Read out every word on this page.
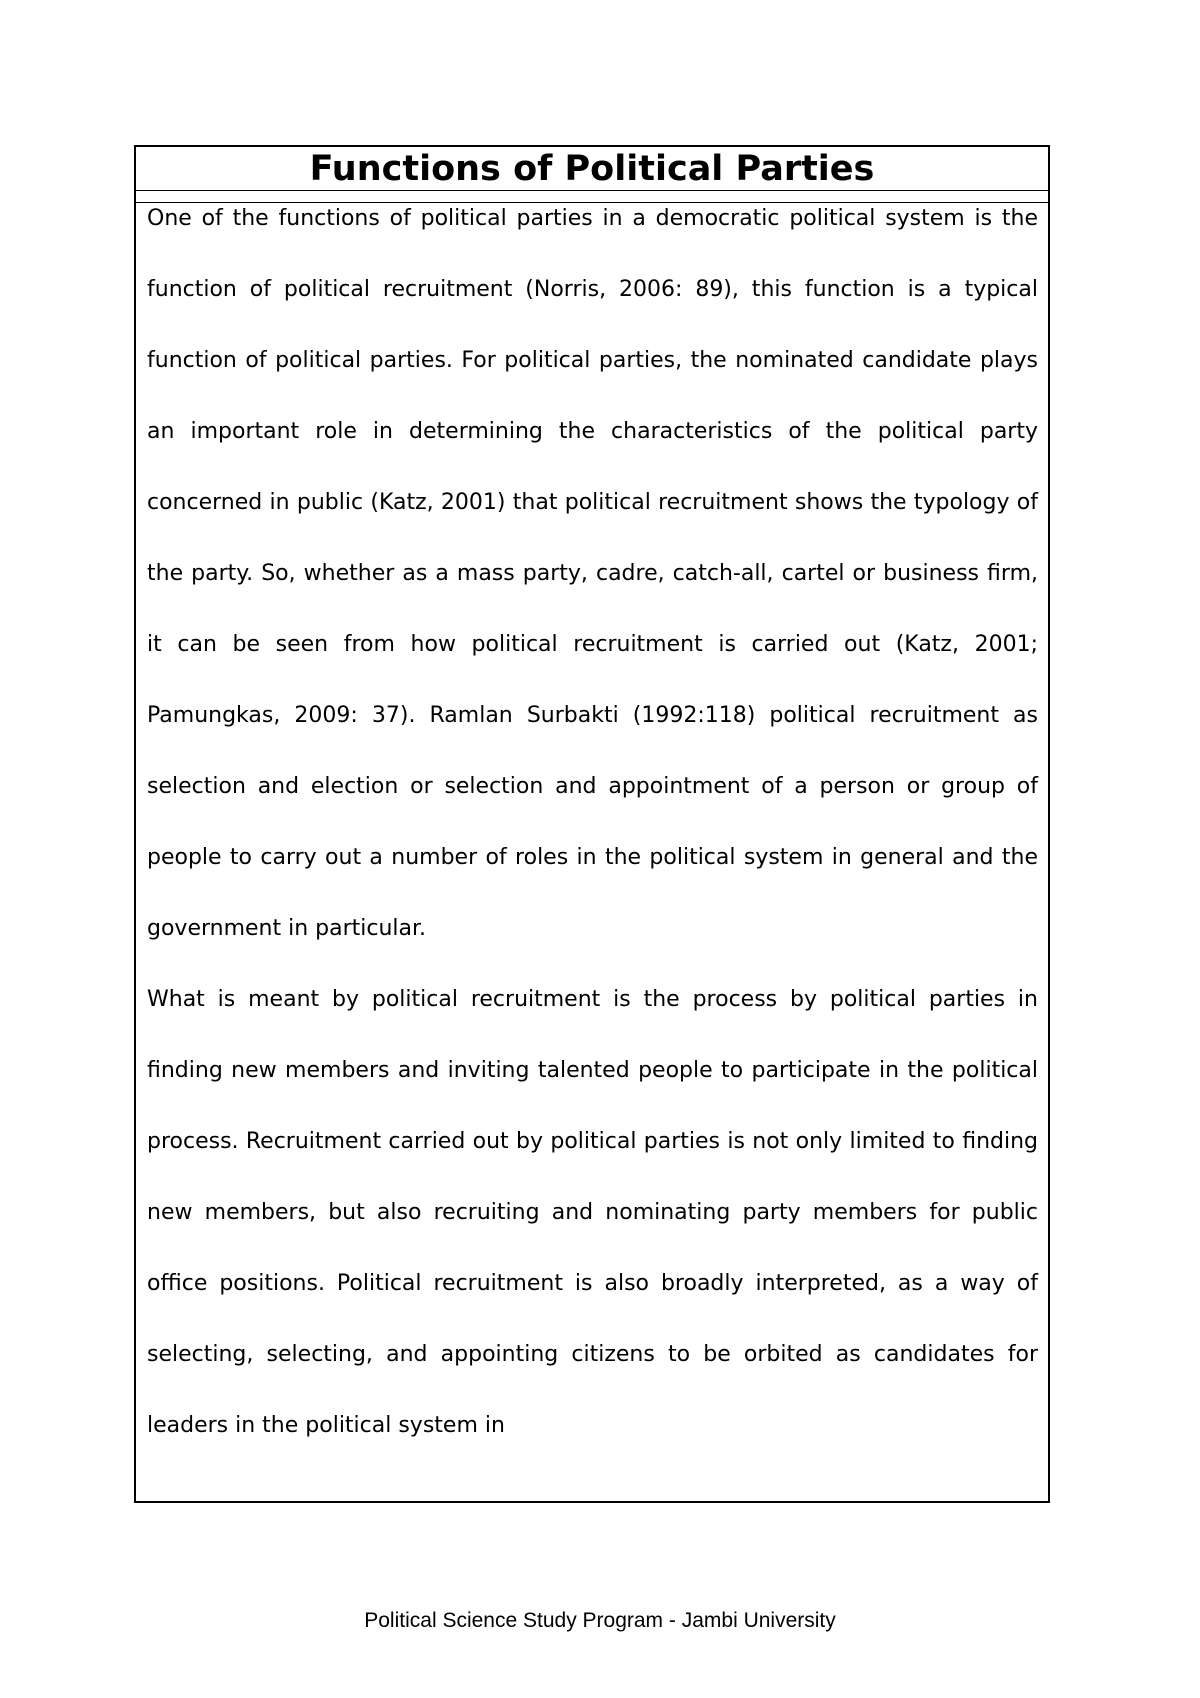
Functions of Political Parties

One of the functions of political parties in a democratic political system is the function of political recruitment (Norris, 2006: 89), this function is a typical function of political parties. For political parties, the nominated candidate plays an important role in determining the characteristics of the political party concerned in public (Katz, 2001) that political recruitment shows the typology of the party. So, whether as a mass party, cadre, catch-all, cartel or business firm, it can be seen from how political recruitment is carried out (Katz, 2001; Pamungkas, 2009: 37). Ramlan Surbakti (1992:118) political recruitment as selection and election or selection and appointment of a person or group of people to carry out a number of roles in the political system in general and the government in particular.

What is meant by political recruitment is the process by political parties in finding new members and inviting talented people to participate in the political process. Recruitment carried out by political parties is not only limited to finding new members, but also recruiting and nominating party members for public office positions. Political recruitment is also broadly interpreted, as a way of selecting, selecting, and appointing citizens to be orbited as candidates for leaders in the political system in

Political Science Study Program - Jambi University
